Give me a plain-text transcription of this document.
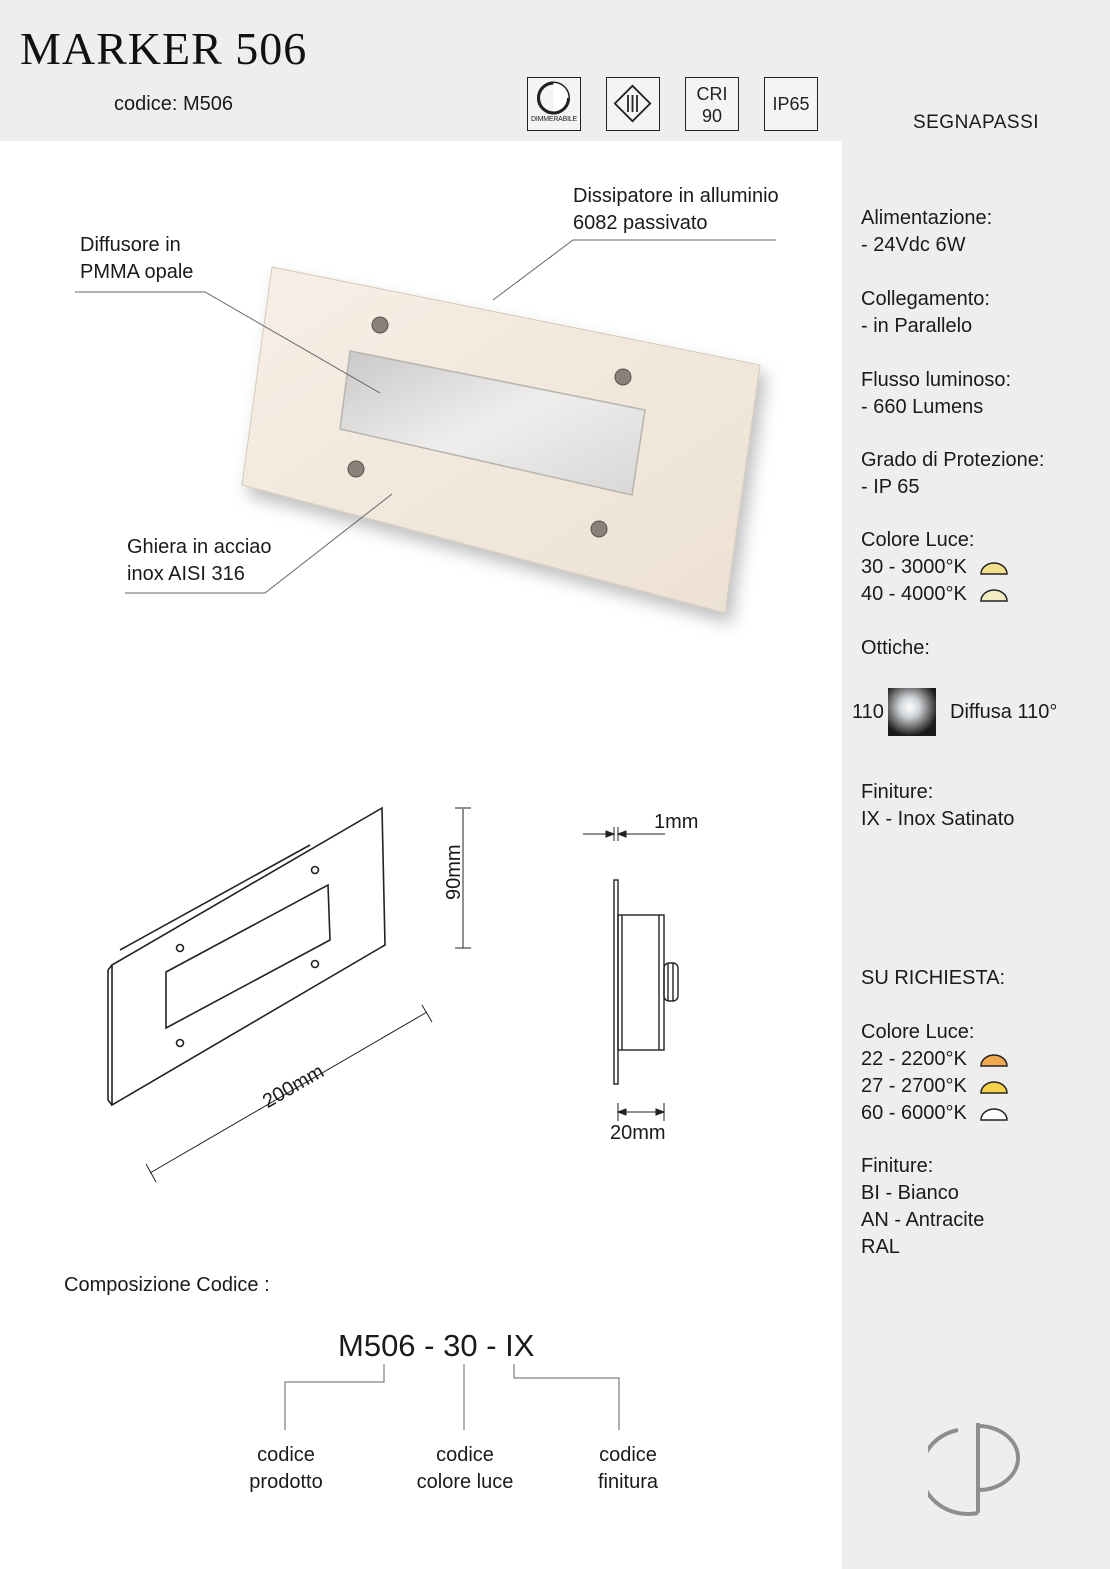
MARKER 506
codice: M506
DIMMERABILE
CRI
90
IP65
SEGNAPASSI
Diffusore in
PMMA opale
Dissipatore in alluminio
6082 passivato
Ghiera in acciao
inox AISI 316
90mm
200mm
1mm
20mm
Composizione Codice :
M506 - 30 - IX
codice
prodotto
codice
colore luce
codice
finitura
Alimentazione:
- 24Vdc 6W
Collegamento:
- in Parallelo
Flusso luminoso:
- 660 Lumens
Grado di Protezione:
- IP 65
Colore Luce:
30 - 3000°K
40 - 4000°K
Ottiche:
110	Diffusa 110°
Finiture:
IX - Inox Satinato
SU RICHIESTA:
Colore Luce:
22 - 2200°K
27 - 2700°K
60 - 6000°K
Finiture:
BI - Bianco
AN - Antracite
RAL
